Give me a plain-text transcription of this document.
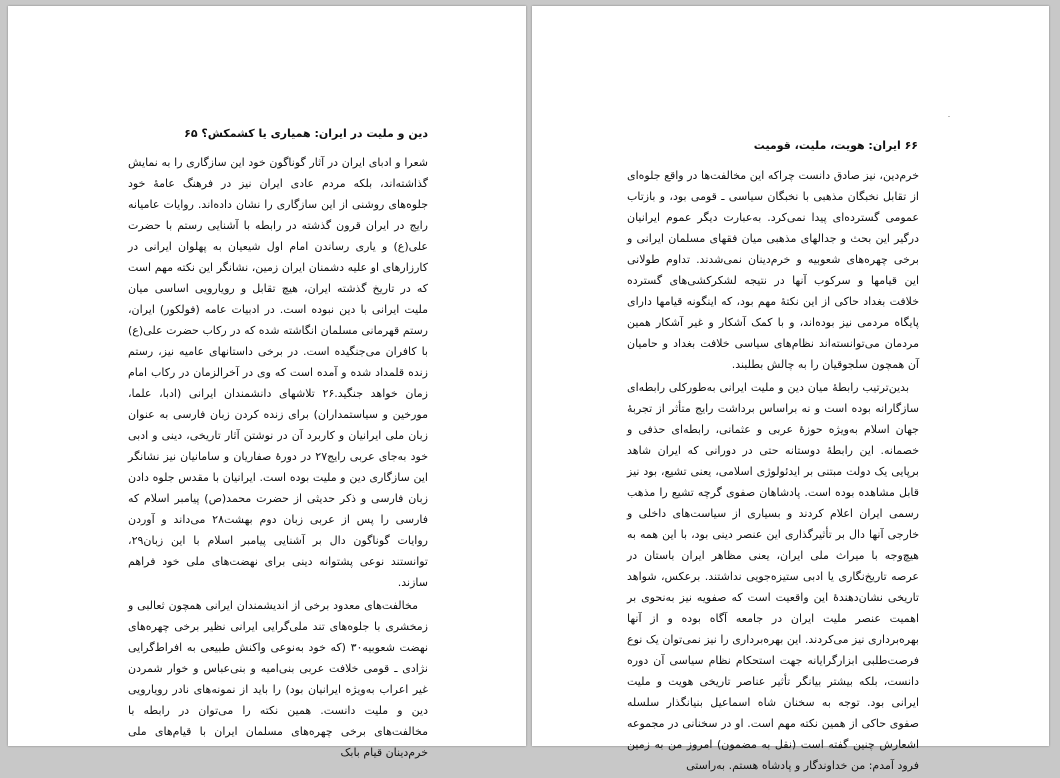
دین و ملیت در ایران: همیاری یا کشمکش؟ ۶۵

شعرا و ادبای ایران در آثار گوناگون خود این سازگاری را به نمایش گذاشته‌اند، بلکه مردم عادی ایران نیز در فرهنگ عامهٔ خود جلوه‌های روشنی از این سازگاری را نشان داده‌اند. روایات عامیانه رایج در ایران قرون گذشته در رابطه با آشنایی رستم با حضرت علی(ع) و یاری رساندن امام اول شیعیان به پهلوان ایرانی در کارزارهای او علیه دشمنان ایران زمین، نشانگر این نکته مهم است که در تاریخ گذشته ایران، هیچ تقابل و رویارویی اساسی میان ملیت ایرانی با دین نبوده است. در ادبیات عامه (فولکور) ایران، رستم قهرمانی مسلمان انگاشته شده که در رکاب حضرت علی(ع) با کافران می‌جنگیده است. در برخی داستانهای عامیه نیز، رستم زنده قلمداد شده و آمده است که وی در آخرالزمان در رکاب امام زمان خواهد جنگید.۲۶ تلاشهای دانشمندان ایرانی (ادبا، علما، مورخین و سیاستمداران) برای زنده کردن زبان فارسی به عنوان زبان ملی ایرانیان و کاربرد آن در نوشتن آثار تاریخی، دینی و ادبی خود به‌جای عربی رایج۲۷ در دورهٔ صفاریان و سامانیان نیز نشانگر این سازگاری دین و ملیت بوده است. ایرانیان با مقدس جلوه دادن زبان فارسی و ذکر حدیثی از حضرت محمد(ص) پیامبر اسلام که فارسی را پس از عربی زبان دوم بهشت۲۸ می‌داند و آوردن روایات گوناگون دال بر آشنایی پیامبر اسلام با این زبان۲۹، توانستند نوعی پشتوانه دینی برای نهضت‌های ملی خود فراهم سازند.

مخالفت‌های معدود برخی از اندیشمندان ایرانی همچون ثعالبی و زمخشری با جلوه‌های تند ملی‌گرایی ایرانی نظیر برخی چهره‌های نهضت شعوبیه۳۰ (که خود به‌نوعی واکنش طبیعی به افراط‌گرایی نژادی ـ قومی خلافت عربی بنی‌امیه و بنی‌عباس و خوار شمردن غیر اعراب به‌ویژه ایرانیان بود) را باید از نمونه‌های نادر رویارویی دین و ملیت دانست. همین نکته را می‌توان در رابطه با مخالفت‌های برخی چهره‌های مسلمان ایران با قیام‌های ملی خرم‌دینان قیام بابک

۶۶ ایران: هویت، ملیت، قومیت

خرم‌دین، نیز صادق دانست چراکه این مخالفت‌ها در واقع جلوه‌ای از تقابل نخبگان مذهبی با نخبگان سیاسی ـ قومی بود، و بازتاب عمومی گسترده‌ای پیدا نمی‌کرد. به‌عبارت دیگر عموم ایرانیان درگیر این بحث و جدالهای مذهبی میان فقهای مسلمان ایرانی و برخی چهره‌های شعوبیه و خرم‌دینان نمی‌شدند. تداوم طولانی این قیامها و سرکوب آنها در نتیجه لشکرکشی‌های گسترده خلافت بغداد حاکی از این نکتهٔ مهم بود، که اینگونه قیامها دارای پایگاه مردمی نیز بوده‌اند، و با کمک آشکار و غیر آشکار همین مردمان می‌توانسته‌اند نظام‌های سیاسی خلافت بغداد و حامیان آن همچون سلجوقیان را به چالش بطلبند.

بدین‌ترتیب رابطهٔ میان دین و ملیت ایرانی به‌طورکلی رابطه‌ای سازگارانه بوده است و نه براساس برداشت رایج متأثر از تجربهٔ جهان اسلام به‌ویژه حوزهٔ عربی و عثمانی، رابطه‌ای حذفی و خصمانه. این رابطهٔ دوستانه حتی در دورانی که ایران شاهد برپایی یک دولت مبتنی بر ایدئولوژی اسلامی، یعنی تشیع، بود نیز قابل مشاهده بوده است. پادشاهان صفوی گرچه تشیع را مذهب رسمی ایران اعلام کردند و بسیاری از سیاست‌های داخلی و خارجی آنها دال بر تأثیرگذاری این عنصر دینی بود، با این همه به هیچ‌وجه با میراث ملی ایران، یعنی مظاهر ایران باستان در عرصه تاریخ‌نگاری یا ادبی ستیزه‌جویی نداشتند. برعکس، شواهد تاریخی نشان‌دهندهٔ این واقعیت است که صفویه نیز به‌نحوی بر اهمیت عنصر ملیت ایران در جامعه آگاه بوده و از آنها بهره‌برداری نیز می‌کردند. این بهره‌برداری را نیز نمی‌توان یک نوع فرصت‌طلبی ابزارگرایانه جهت استحکام نظام سیاسی آن دوره دانست، بلکه بیشتر بیانگر تأثیر عناصر تاریخی هویت و ملیت ایرانی بود. توجه به سخنان شاه اسماعیل بنیانگذار سلسله صفوی حاکی از همین نکته مهم است. او در سخنانی در مجموعه اشعارش چنین گفته است (نقل به مضمون) امروز من به زمین فرود آمدم: من خداوندگار و پادشاه هستم. به‌راستی
